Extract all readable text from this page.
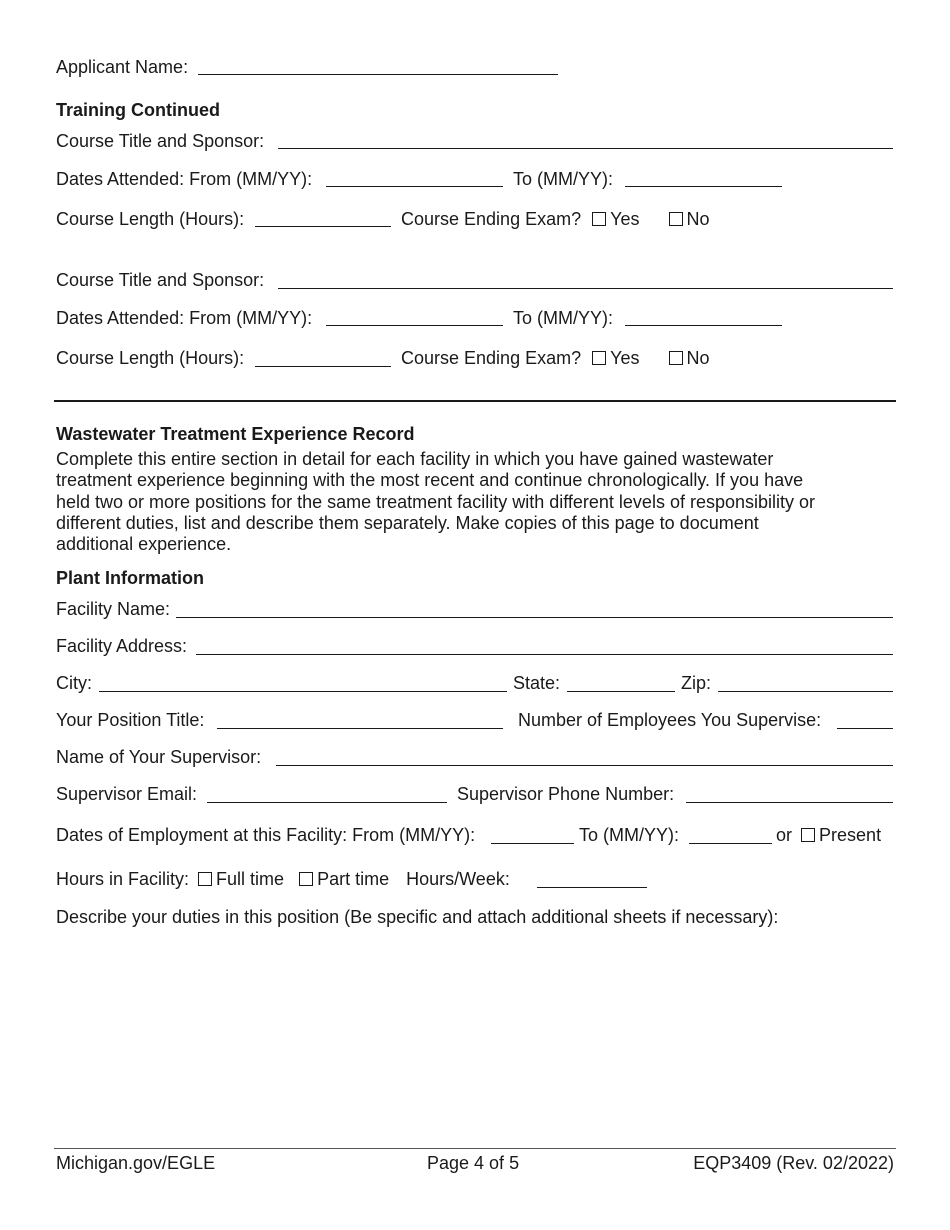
Applicant Name:
Training Continued
Course Title and Sponsor:
Dates Attended: From (MM/YY):	To (MM/YY):
Course Length (Hours):	Course Ending Exam? Yes	No
Course Title and Sponsor:
Dates Attended: From (MM/YY):	To (MM/YY):
Course Length (Hours):	Course Ending Exam? Yes	No
Wastewater Treatment Experience Record
Complete this entire section in detail for each facility in which you have gained wastewater
treatment experience beginning with the most recent and continue chronologically. If you have
held two or more positions for the same treatment facility with different levels of responsibility or
different duties, list and describe them separately. Make copies of this page to document
additional experience.
Plant Information
Facility Name:
Facility Address:
City:	State:	Zip:
Your Position Title:	Number of Employees You Supervise:
Name of Your Supervisor:
Supervisor Email:	Supervisor Phone Number:
Dates of Employment at this Facility: From (MM/YY):	To (MM/YY):	or Present
Hours in Facility: Full time Part time Hours/Week:
Describe your duties in this position (Be specific and attach additional sheets if necessary):
Michigan.gov/EGLE	Page 4 of 5	EQP3409 (Rev. 02/2022)
